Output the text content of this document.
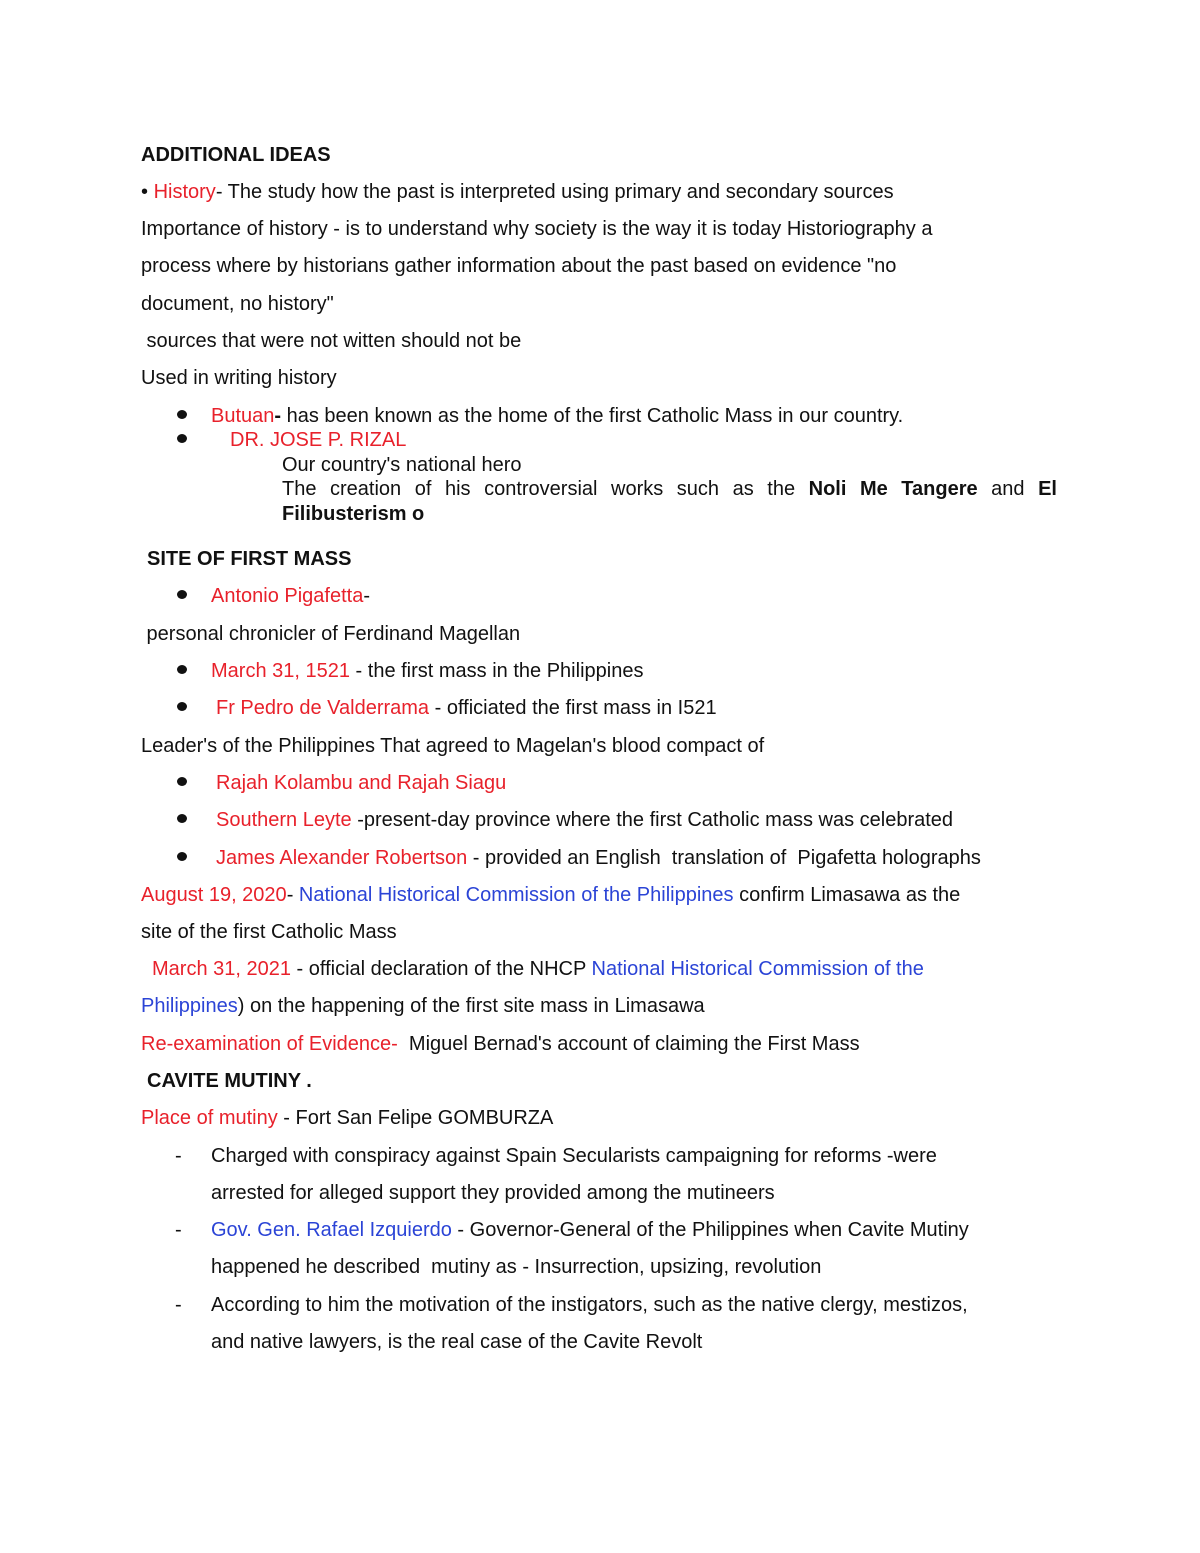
ADDITIONAL IDEAS
• History- The study how the past is interpreted using primary and secondary sources
Importance of history - is to understand why society is the way it is today Historiography a
process where by historians gather information about the past based on evidence "no
document, no history"
sources that were not witten should not be
Used in writing history
Butuan- has been known as the home of the first Catholic Mass in our country.
DR. JOSE P. RIZAL
Our country's national hero
The creation of his controversial works such as the Noli Me Tangere and El
Filibusterism o
SITE OF FIRST MASS
Antonio Pigafetta-
personal chronicler of Ferdinand Magellan
March 31, 1521 - the first mass in the Philippines
Fr Pedro de Valderrama - officiated the first mass in I521
Leader's of the Philippines That agreed to Magelan's blood compact of
Rajah Kolambu and Rajah Siagu
Southern Leyte -present-day province where the first Catholic mass was celebrated
James Alexander Robertson - provided an English  translation of  Pigafetta holographs
August 19, 2020- National Historical Commission of the Philippines confirm Limasawa as the
site of the first Catholic Mass
March 31, 2021 - official declaration of the NHCP National Historical Commission of the
Philippines) on the happening of the first site mass in Limasawa
Re-examination of Evidence-  Miguel Bernad's account of claiming the First Mass
CAVITE MUTINY .
Place of mutiny - Fort San Felipe GOMBURZA
- Charged with conspiracy against Spain Secularists campaigning for reforms -were
arrested for alleged support they provided among the mutineers
- Gov. Gen. Rafael Izquierdo - Governor-General of the Philippines when Cavite Mutiny
happened he described  mutiny as - Insurrection, upsizing, revolution
- According to him the motivation of the instigators, such as the native clergy, mestizos,
and native lawyers, is the real case of the Cavite Revolt
